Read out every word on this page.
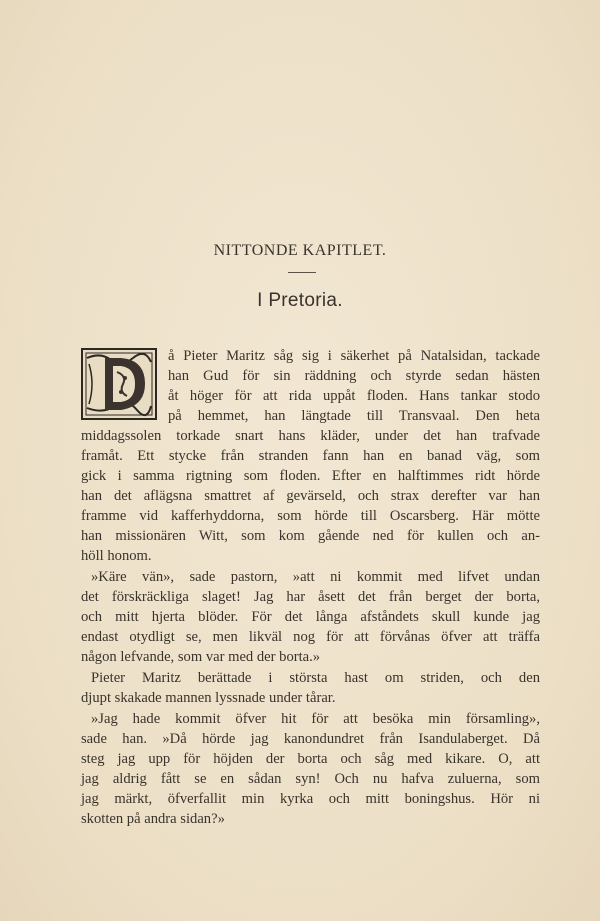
NITTONDE KAPITLET.
I Pretoria.
å Pieter Maritz såg sig i säkerhet på Natalsidan, tackade
han Gud för sin räddning och styrde sedan hästen
åt höger för att rida uppåt floden. Hans tankar stodo
på hemmet, han längtade till Transvaal. Den heta
middagssolen torkade snart hans kläder, under det han trafvade
framåt. Ett stycke från stranden fann han en banad väg, som
gick i samma rigtning som floden. Efter en halftimmes ridt hörde
han det aflägsna smattret af gevärseld, och strax derefter var han
framme vid kafferhyddorna, som hörde till Oscarsberg. Här mötte
han missionären Witt, som kom gående ned för kullen och an-
höll honom.
»Käre vän», sade pastorn, »att ni kommit med lifvet undan
det förskräckliga slaget! Jag har åsett det från berget der borta,
och mitt hjerta blöder. För det långa afståndets skull kunde jag
endast otydligt se, men likväl nog för att förvånas öfver att träffa
någon lefvande, som var med der borta.»
Pieter Maritz berättade i största hast om striden, och den
djupt skakade mannen lyssnade under tårar.
»Jag hade kommit öfver hit för att besöka min församling»,
sade han. »Då hörde jag kanondundret från Isandulaberget. Då
steg jag upp för höjden der borta och såg med kikare. O, att
jag aldrig fått se en sådan syn! Och nu hafva zuluerna, som
jag märkt, öfverfallit min kyrka och mitt boningshus. Hör ni
skotten på andra sidan?»
